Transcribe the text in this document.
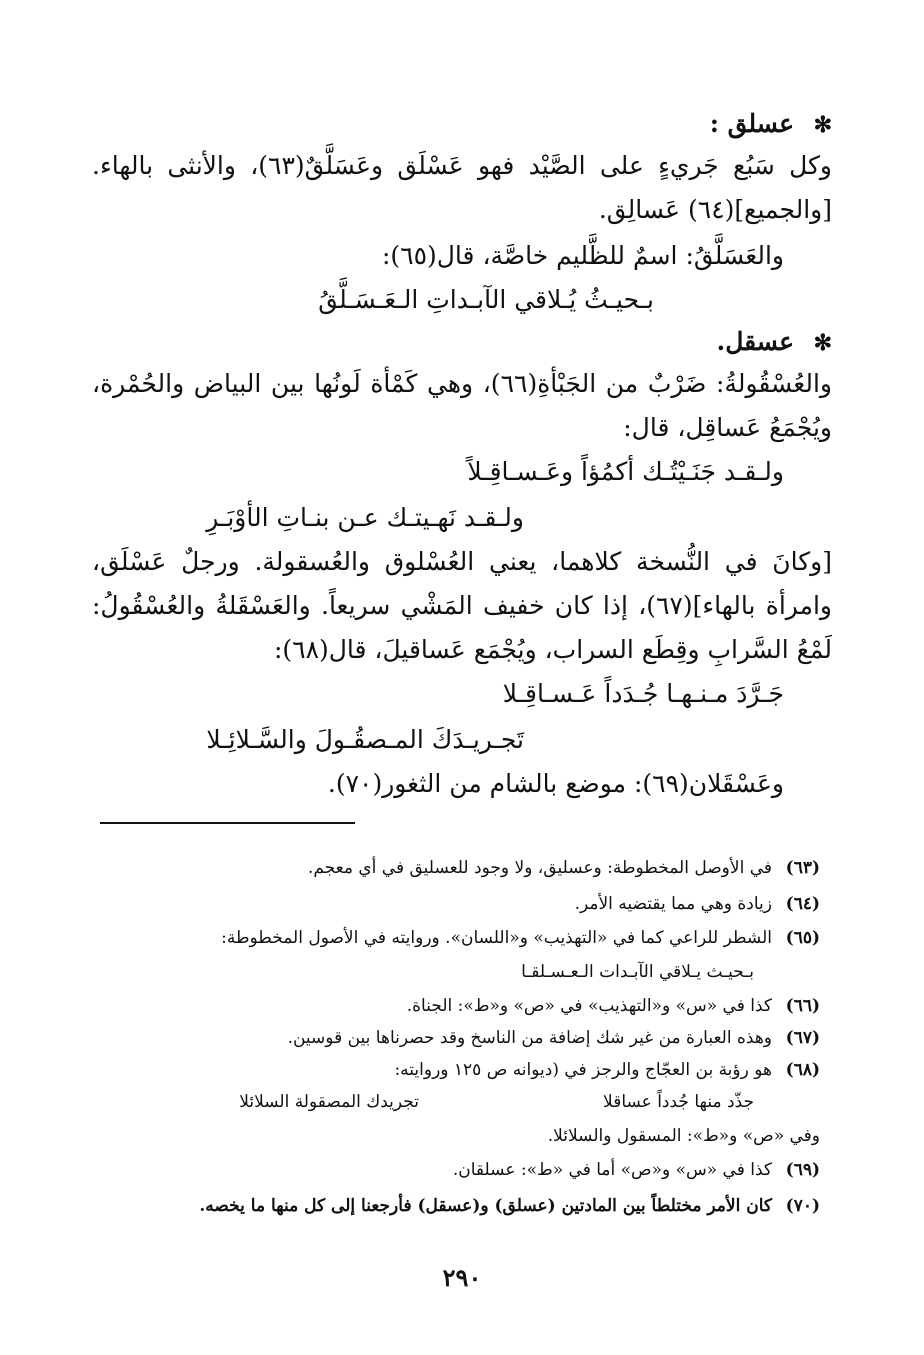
✻عسلق :
وكل سَبُع جَريءٍ على الصَّيْد فهو عَسْلَق وعَسَلَّقٌ(٦٣)، والأنثى بالهاء.
[والجميع](٦٤) عَسالِق.
والعَسَلَّقُ: اسمٌ للظَّليم خاصَّة، قال(٦٥):
بـحيـثُ يُـلاقي الآبـداتِ الـعَـسَـلَّقُ
✻عسقل.
والعُسْقُولةُ: ضَرْبٌ من الجَبْأةِ(٦٦)، وهي كَمْأة لَونُها بين البياض والحُمْرة،
ويُجْمَعُ عَساقِل، قال:
ولـقـد جَنَـيْتُـك أكمُؤاً وعَـسـاقِـلاً
ولـقـد نَهـيتـك عـن بنـاتِ الأوْبَـرِ
[وكانَ في النُّسخة كلاهما، يعني العُسْلوق والعُسقولة. ورجلٌ عَسْلَق،
وامرأة بالهاء](٦٧)، إذا كان خفيف المَشْي سريعاً. والعَسْقَلةُ والعُسْقُولُ:
لَمْعُ السَّرابِ وقِطَع السراب، ويُجْمَع عَساقيلَ، قال(٦٨):
جَـرَّدَ مـنـهـا جُـدَداً عَـسـاقِـلا
تَجـريـدَكَ المـصقُـولَ والسَّـلائِـلا
وعَسْقَلان(٦٩): موضع بالشام من الثغور(٧٠).
(٦٣)في الأوصل المخطوطة: وعسليق، ولا وجود للعسليق في أي معجم.
(٦٤)زيادة وهي مما يقتضيه الأمر.
(٦٥)الشطر للراعي كما في «التهذيب» و«اللسان». وروايته في الأصول المخطوطة:
بـحيـث يـلاقي الآبـدات الـعـسـلقـا
(٦٦)كذا في «س» و«التهذيب» في «ص» و«ط»: الجناة.
(٦٧)وهذه العبارة من غير شك إضافة من الناسخ وقد حصرناها بين قوسين.
(٦٨)هو رؤبة بن العجّاج والرجز في (ديوانه ص ١٢٥ وروايته:
جذّد منها جُدداً عساقلا
تجريدك المصقولة السلائلا
وفي «ص» و«ط»: المسقول والسلائلا.
(٦٩)كذا في «س» و«ص» أما في «ط»: عسلقان.
(٧٠)كان الأمر مختلطاً بين المادتين (عسلق) و(عسقل) فأرجعنا إلى كل منها ما يخصه.
٢٩٠
